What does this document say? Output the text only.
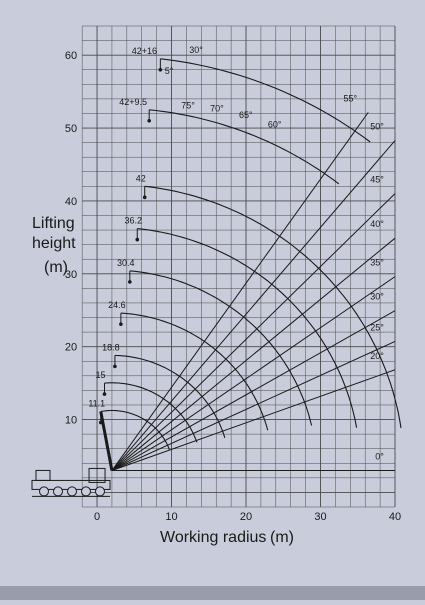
0	10	20	30	40
10
20
30
40
50
60
11.1
15
18.8
24.6
30.4
36.2
42
42+9.5
42+16
0°
20°
25°
30°
35°
40°
45°
50°
55°
60°
65°
70°
75°
30°
5°
Working radius (m)
Lifting
height
(m)
